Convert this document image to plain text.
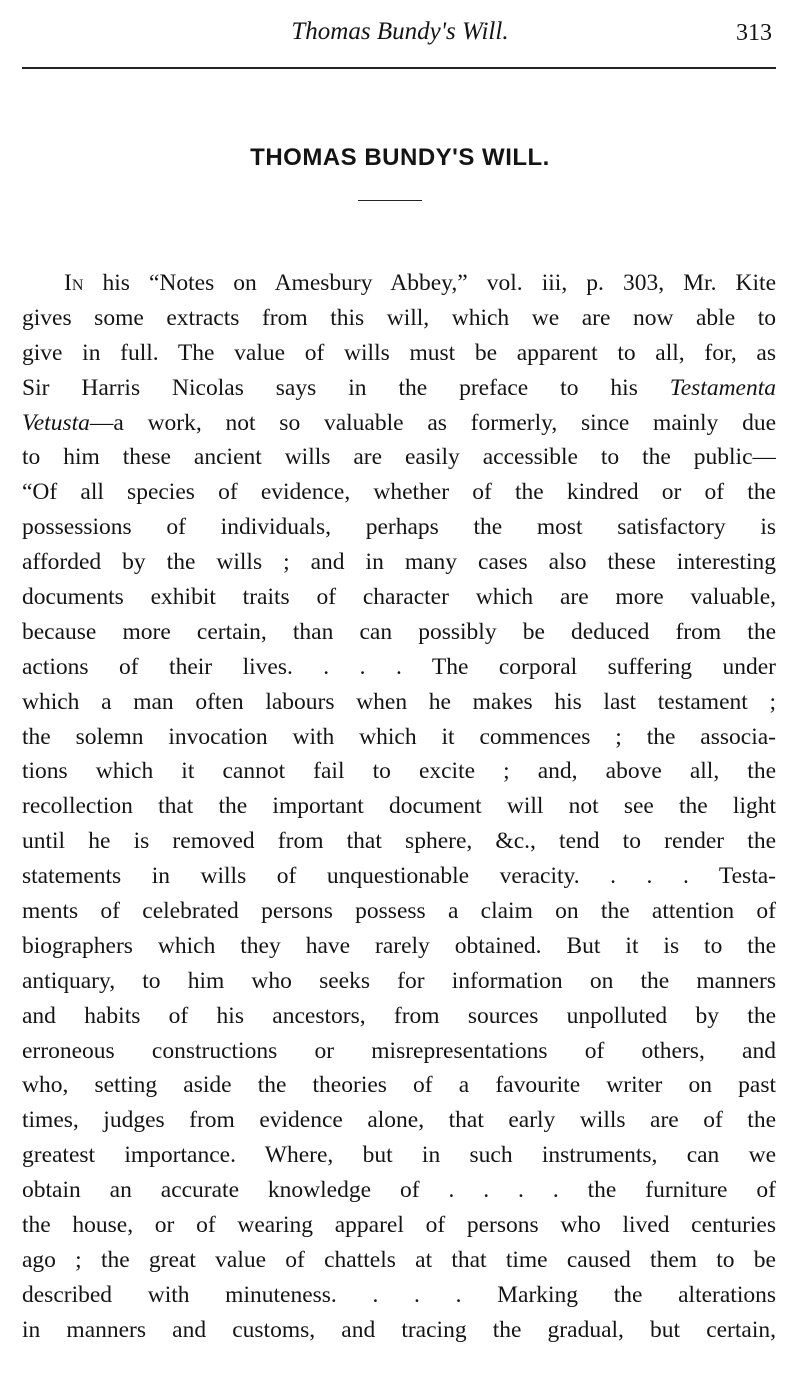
Thomas Bundy's Will.	313
THOMAS BUNDY'S WILL.
In his “Notes on Amesbury Abbey,” vol. iii, p. 303, Mr. Kite
gives some extracts from this will, which we are now able to
give in full. The value of wills must be apparent to all, for, as
Sir Harris Nicolas says in the preface to his Testamenta
Vetusta—a work, not so valuable as formerly, since mainly due
to him these ancient wills are easily accessible to the public—
“Of all species of evidence, whether of the kindred or of the
possessions of individuals, perhaps the most satisfactory is
afforded by the wills ; and in many cases also these interesting
documents exhibit traits of character which are more valuable,
because more certain, than can possibly be deduced from the
actions of their lives. . . . The corporal suffering under
which a man often labours when he makes his last testament ;
the solemn invocation with which it commences ; the associa-
tions which it cannot fail to excite ; and, above all, the
recollection that the important document will not see the light
until he is removed from that sphere, &c., tend to render the
statements in wills of unquestionable veracity. . . . Testa-
ments of celebrated persons possess a claim on the attention of
biographers which they have rarely obtained. But it is to the
antiquary, to him who seeks for information on the manners
and habits of his ancestors, from sources unpolluted by the
erroneous constructions or misrepresentations of others, and
who, setting aside the theories of a favourite writer on past
times, judges from evidence alone, that early wills are of the
greatest importance. Where, but in such instruments, can we
obtain an accurate knowledge of . . . . the furniture of
the house, or of wearing apparel of persons who lived centuries
ago ; the great value of chattels at that time caused them to be
described with minuteness. . . . Marking the alterations
in manners and customs, and tracing the gradual, but certain,
